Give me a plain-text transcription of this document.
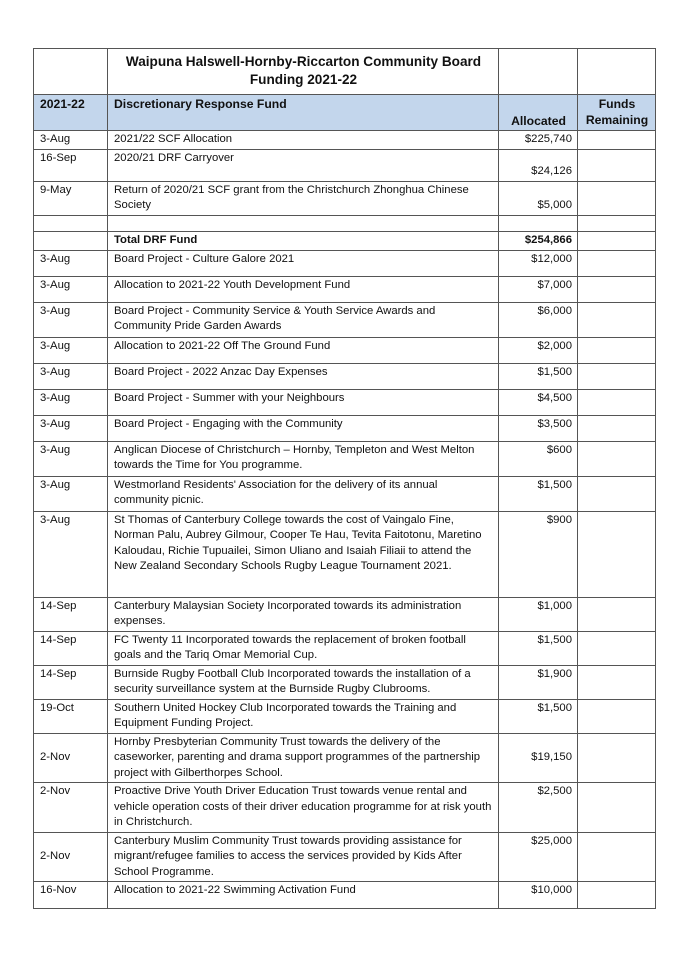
	Waipuna Halswell-Hornby-Riccarton Community Board Funding 2021-22		
2021-22	Discretionary Response Fund	Allocated	Funds Remaining
3-Aug	2021/22 SCF Allocation	$225,740	
16-Sep	2020/21 DRF Carryover	$24,126	
9-May	Return of 2020/21 SCF grant from the Christchurch Zhonghua Chinese Society	$5,000	

	Total DRF Fund	$254,866	
3-Aug	Board Project - Culture Galore 2021	$12,000	
3-Aug	Allocation to 2021-22 Youth Development Fund	$7,000	
3-Aug	Board Project - Community Service & Youth Service Awards and Community Pride Garden Awards	$6,000	
3-Aug	Allocation to 2021-22 Off The Ground Fund	$2,000	
3-Aug	Board Project - 2022 Anzac Day Expenses	$1,500	
3-Aug	Board Project - Summer with your Neighbours	$4,500	
3-Aug	Board Project - Engaging with the Community	$3,500	
3-Aug	Anglican Diocese of Christchurch – Hornby, Templeton and West Melton towards the Time for You programme.	$600	
3-Aug	Westmorland Residents' Association for the delivery of its annual community picnic.	$1,500	
3-Aug	St Thomas of Canterbury College towards the cost of Vaingalo Fine, Norman Palu, Aubrey Gilmour, Cooper Te Hau, Tevita Faitotonu, Maretino Kaloudau, Richie Tupuailei, Simon Uliano and Isaiah Filiaii to attend the New Zealand Secondary Schools Rugby League Tournament 2021.	$900	
14-Sep	Canterbury Malaysian Society Incorporated towards its administration expenses.	$1,000	
14-Sep	FC Twenty 11 Incorporated towards the replacement of broken football goals and the Tariq Omar Memorial Cup.	$1,500	
14-Sep	Burnside Rugby Football Club Incorporated towards the installation of a security surveillance system at the Burnside Rugby Clubrooms.	$1,900	
19-Oct	Southern United Hockey Club Incorporated towards the Training and Equipment Funding Project.	$1,500	
2-Nov	Hornby Presbyterian Community Trust towards the delivery of the caseworker, parenting and drama support programmes of the partnership project with Gilberthorpes School.	$19,150	
2-Nov	Proactive Drive Youth Driver Education Trust towards venue rental and vehicle operation costs of their driver education programme for at risk youth in Christchurch.	$2,500	
2-Nov	Canterbury Muslim Community Trust towards providing assistance for migrant/refugee families to access the services provided by Kids After School Programme.	$25,000	
16-Nov	Allocation to 2021-22 Swimming Activation Fund	$10,000	
